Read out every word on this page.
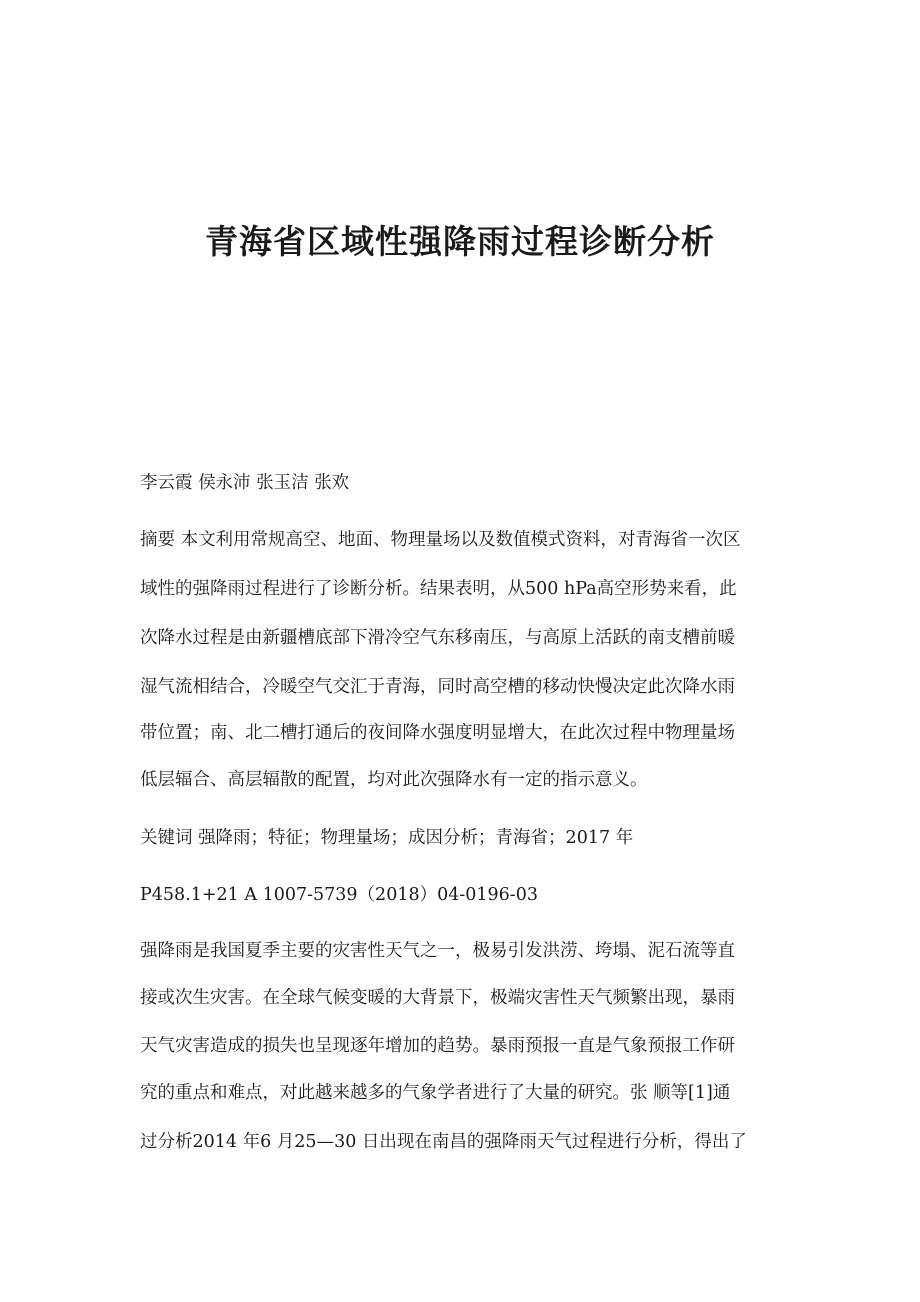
青海省区域性强降雨过程诊断分析

李云霞 侯永沛 张玉洁 张欢

摘要 本文利用常规高空、地面、物理量场以及数值模式资料，对青海省一次区

域性的强降雨过程进行了诊断分析。结果表明，从500 hPa高空形势来看，此

次降水过程是由新疆槽底部下滑冷空气东移南压，与高原上活跃的南支槽前暖

湿气流相结合，冷暖空气交汇于青海，同时高空槽的移动快慢决定此次降水雨

带位置；南、北二槽打通后的夜间降水强度明显增大，在此次过程中物理量场

低层辐合、高层辐散的配置，均对此次强降水有一定的指示意义。

关键词 强降雨；特征；物理量场；成因分析；青海省；2017 年

P458.1+21 A 1007-5739（2018）04-0196-03

强降雨是我国夏季主要的灾害性天气之一，极易引发洪涝、垮塌、泥石流等直

接或次生灾害。在全球气候变暖的大背景下，极端灾害性天气频繁出现，暴雨

天气灾害造成的损失也呈现逐年增加的趋势。暴雨预报一直是气象预报工作研

究的重点和难点，对此越来越多的气象学者进行了大量的研究。张 顺等[1]通

过分析2014 年6 月25—30 日出现在南昌的强降雨天气过程进行分析，得出了
